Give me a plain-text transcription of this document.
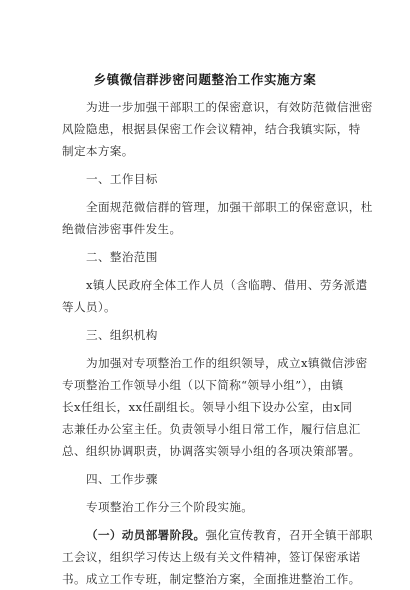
乡镇微信群涉密问题整治工作实施方案
为进一步加强干部职工的保密意识，有效防范微信泄密
风险隐患，根据县保密工作会议精神，结合我镇实际，特
制定本方案。
一、工作目标
全面规范微信群的管理，加强干部职工的保密意识，杜
绝微信涉密事件发生。
二、整治范围
x镇人民政府全体工作人员（含临聘、借用、劳务派遣
等人员）。
三、组织机构
为加强对专项整治工作的组织领导，成立x镇微信涉密
专项整治工作领导小组（以下简称“领导小组”），由镇
长x任组长，xx任副组长。领导小组下设办公室，由x同
志兼任办公室主任。负责领导小组日常工作，履行信息汇
总、组织协调职责，协调落实领导小组的各项决策部署。
四、工作步骤
专项整治工作分三个阶段实施。
（一）动员部署阶段。强化宣传教育，召开全镇干部职
工会议，组织学习传达上级有关文件精神，签订保密承诺
书。成立工作专班，制定整治方案，全面推进整治工作。
